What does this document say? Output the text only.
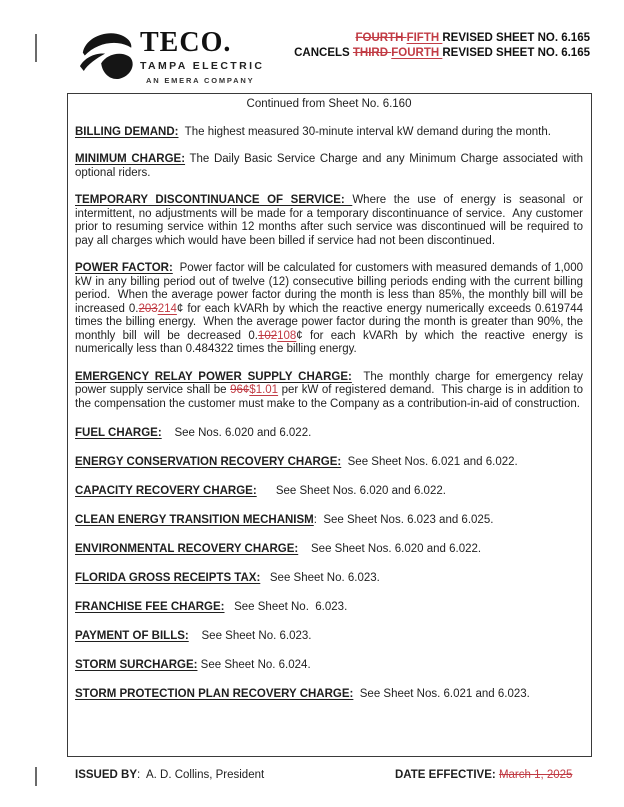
TECO.
TAMPA ELECTRIC
AN EMERA COMPANY
FOURTH FIFTH REVISED SHEET NO. 6.165
CANCELS THIRD FOURTH REVISED SHEET NO. 6.165

Continued from Sheet No. 6.160

BILLING DEMAND:  The highest measured 30-minute interval kW demand during the month.

MINIMUM CHARGE: The Daily Basic Service Charge and any Minimum Charge associated with optional riders.

TEMPORARY DISCONTINUANCE OF SERVICE: Where the use of energy is seasonal or intermittent, no adjustments will be made for a temporary discontinuance of service.  Any customer prior to resuming service within 12 months after such service was discontinued will be required to pay all charges which would have been billed if service had not been discontinued.

POWER FACTOR:  Power factor will be calculated for customers with measured demands of 1,000 kW in any billing period out of twelve (12) consecutive billing periods ending with the current billing period.  When the average power factor during the month is less than 85%, the monthly bill will be increased 0.203214¢ for each kVARh by which the reactive energy numerically exceeds 0.619744 times the billing energy.  When the average power factor during the month is greater than 90%, the monthly bill will be decreased 0.102108¢ for each kVARh by which the reactive energy is numerically less than 0.484322 times the billing energy.

EMERGENCY RELAY POWER SUPPLY CHARGE:  The monthly charge for emergency relay power supply service shall be 96¢$1.01 per kW of registered demand.  This charge is in addition to the compensation the customer must make to the Company as a contribution-in-aid of construction.

FUEL CHARGE:    See Nos. 6.020 and 6.022.

ENERGY CONSERVATION RECOVERY CHARGE:  See Sheet Nos. 6.021 and 6.022.

CAPACITY RECOVERY CHARGE:      See Sheet Nos. 6.020 and 6.022.

CLEAN ENERGY TRANSITION MECHANISM:  See Sheet Nos. 6.023 and 6.025.

ENVIRONMENTAL RECOVERY CHARGE:    See Sheet Nos. 6.020 and 6.022.

FLORIDA GROSS RECEIPTS TAX:   See Sheet No. 6.023.

FRANCHISE FEE CHARGE:   See Sheet No.  6.023.

PAYMENT OF BILLS:    See Sheet No. 6.023.

STORM SURCHARGE: See Sheet No. 6.024.

STORM PROTECTION PLAN RECOVERY CHARGE:  See Sheet Nos. 6.021 and 6.023.

ISSUED BY:  A. D. Collins, President	DATE EFFECTIVE: March 1, 2025
